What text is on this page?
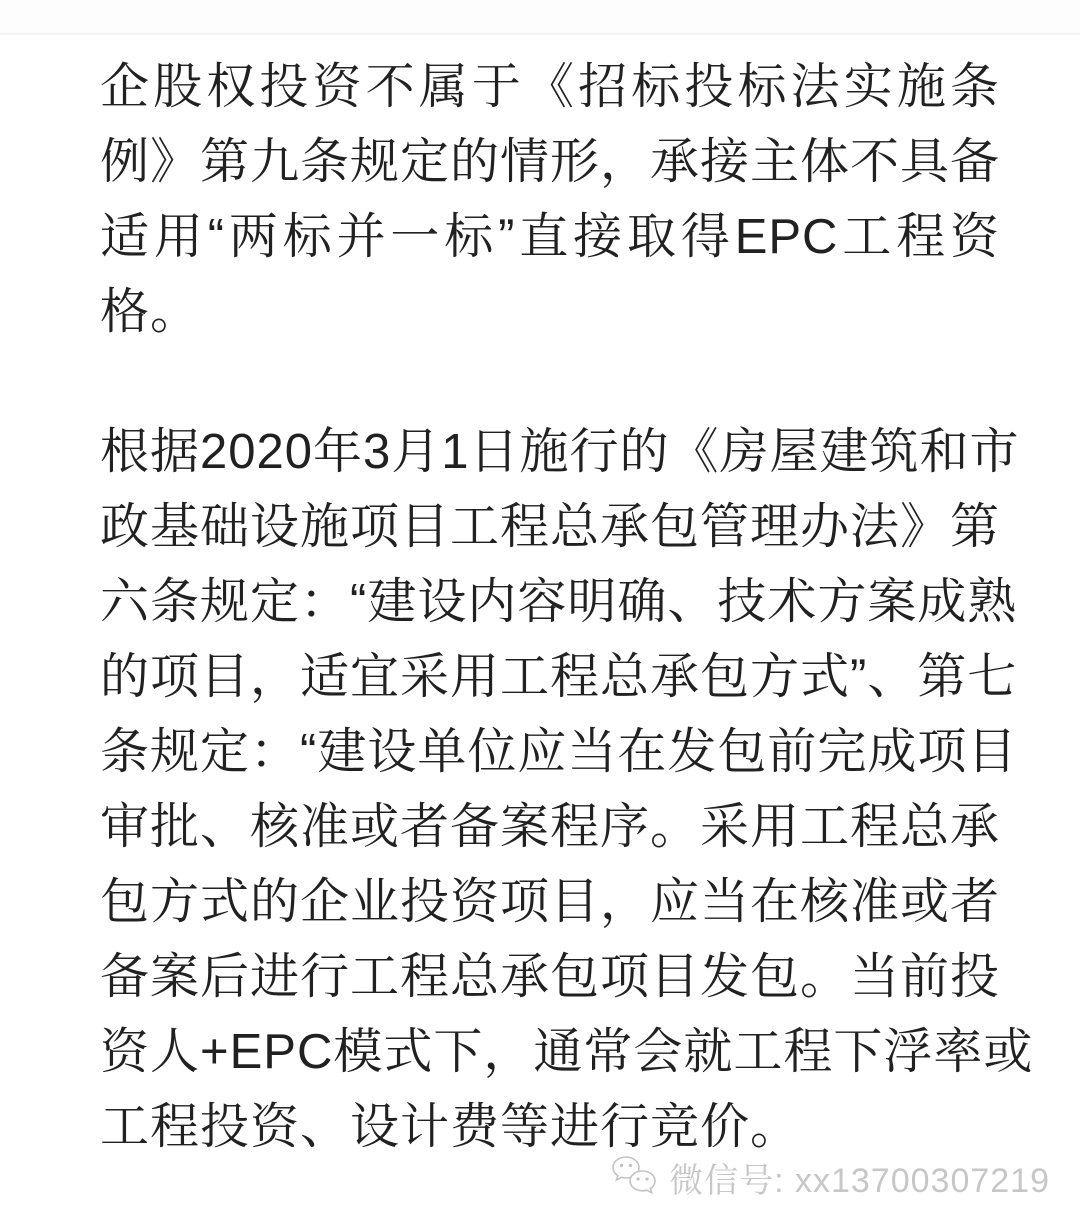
企股权投资不属于《招标投标法实施条
例》第九条规定的情形，承接主体不具备
适用“两标并一标”直接取得EPC工程资
格。
根据2020年3月1日施行的《房屋建筑和市
政基础设施项目工程总承包管理办法》第
六条规定：“建设内容明确、技术方案成熟
的项目，适宜采用工程总承包方式”、第七
条规定：“建设单位应当在发包前完成项目
审批、核准或者备案程序。采用工程总承
包方式的企业投资项目，应当在核准或者
备案后进行工程总承包项目发包。当前投
资人+EPC模式下，通常会就工程下浮率或
工程投资、设计费等进行竞价。
微信号: xx13700307219
